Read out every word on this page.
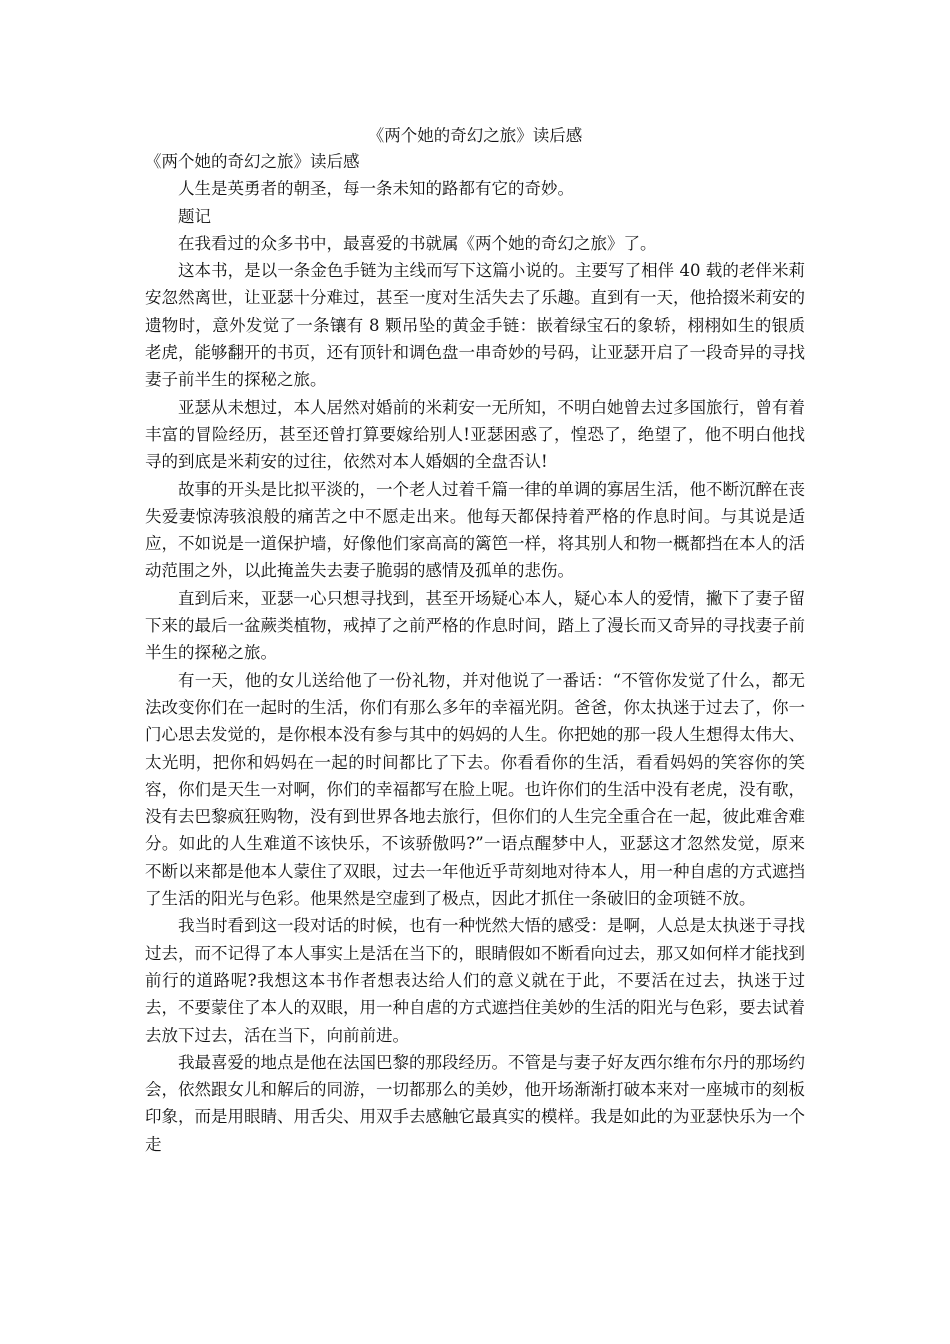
《两个她的奇幻之旅》读后感

《两个她的奇幻之旅》读后感

人生是英勇者的朝圣，每一条未知的路都有它的奇妙。

题记

在我看过的众多书中，最喜爱的书就属《两个她的奇幻之旅》了。

这本书，是以一条金色手链为主线而写下这篇小说的。主要写了相伴 40 载的老伴米莉安忽然离世，让亚瑟十分难过，甚至一度对生活失去了乐趣。直到有一天，他拾掇米莉安的遗物时，意外发觉了一条镶有 8 颗吊坠的黄金手链：嵌着绿宝石的象轿，栩栩如生的银质老虎，能够翻开的书页，还有顶针和调色盘一串奇妙的号码，让亚瑟开启了一段奇异的寻找妻子前半生的探秘之旅。

亚瑟从未想过，本人居然对婚前的米莉安一无所知，不明白她曾去过多国旅行，曾有着丰富的冒险经历，甚至还曾打算要嫁给别人!亚瑟困惑了，惶恐了，绝望了，他不明白他找寻的到底是米莉安的过往，依然对本人婚姻的全盘否认!

故事的开头是比拟平淡的，一个老人过着千篇一律的单调的寡居生活，他不断沉醉在丧失爱妻惊涛骇浪般的痛苦之中不愿走出来。他每天都保持着严格的作息时间。与其说是适应，不如说是一道保护墙，好像他们家高高的篱笆一样，将其别人和物一概都挡在本人的活动范围之外，以此掩盖失去妻子脆弱的感情及孤单的悲伤。

直到后来，亚瑟一心只想寻找到，甚至开场疑心本人，疑心本人的爱情，撇下了妻子留下来的最后一盆蕨类植物，戒掉了之前严格的作息时间，踏上了漫长而又奇异的寻找妻子前半生的探秘之旅。

有一天，他的女儿送给他了一份礼物，并对他说了一番话：“不管你发觉了什么，都无法改变你们在一起时的生活，你们有那么多年的幸福光阴。爸爸，你太执迷于过去了，你一门心思去发觉的，是你根本没有参与其中的妈妈的人生。你把她的那一段人生想得太伟大、太光明，把你和妈妈在一起的时间都比了下去。你看看你的生活，看看妈妈的笑容你的笑容，你们是天生一对啊，你们的幸福都写在脸上呢。也许你们的生活中没有老虎，没有歌，没有去巴黎疯狂购物，没有到世界各地去旅行，但你们的人生完全重合在一起，彼此难舍难分。如此的人生难道不该快乐，不该骄傲吗?”一语点醒梦中人，亚瑟这才忽然发觉，原来不断以来都是他本人蒙住了双眼，过去一年他近乎苛刻地对待本人，用一种自虐的方式遮挡了生活的阳光与色彩。他果然是空虚到了极点，因此才抓住一条破旧的金项链不放。

我当时看到这一段对话的时候，也有一种恍然大悟的感受：是啊，人总是太执迷于寻找过去，而不记得了本人事实上是活在当下的，眼睛假如不断看向过去，那又如何样才能找到前行的道路呢?我想这本书作者想表达给人们的意义就在于此，不要活在过去，执迷于过去，不要蒙住了本人的双眼，用一种自虐的方式遮挡住美妙的生活的阳光与色彩，要去试着去放下过去，活在当下，向前前进。

我最喜爱的地点是他在法国巴黎的那段经历。不管是与妻子好友西尔维布尔丹的那场约会，依然跟女儿和解后的同游，一切都那么的美妙，他开场渐渐打破本来对一座城市的刻板印象，而是用眼睛、用舌尖、用双手去感触它最真实的模样。我是如此的为亚瑟快乐为一个走
